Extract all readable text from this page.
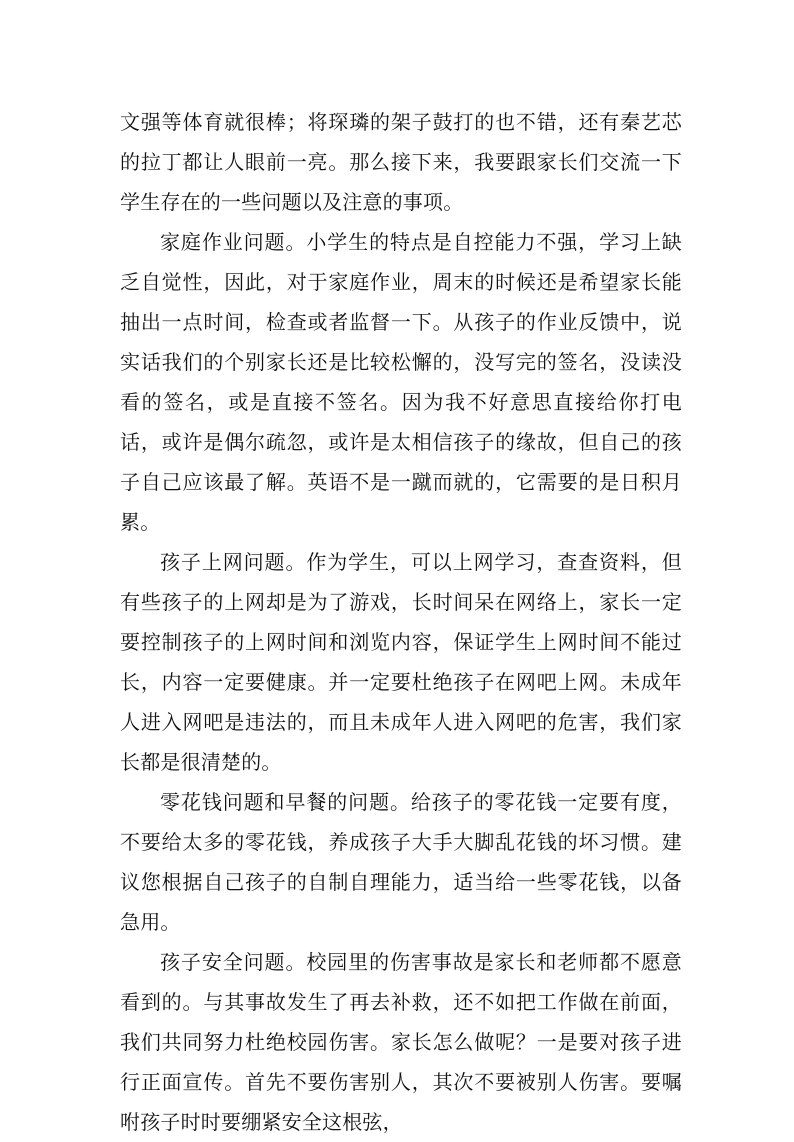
文强等体育就很棒；将琛璘的架子鼓打的也不错，还有秦艺芯的拉丁都让人眼前一亮。那么接下来，我要跟家长们交流一下学生存在的一些问题以及注意的事项。

家庭作业问题。小学生的特点是自控能力不强，学习上缺乏自觉性，因此，对于家庭作业，周末的时候还是希望家长能抽出一点时间，检查或者监督一下。从孩子的作业反馈中，说实话我们的个别家长还是比较松懈的，没写完的签名，没读没看的签名，或是直接不签名。因为我不好意思直接给你打电话，或许是偶尔疏忽，或许是太相信孩子的缘故，但自己的孩子自己应该最了解。英语不是一蹴而就的，它需要的是日积月累。

孩子上网问题。作为学生，可以上网学习，查查资料，但有些孩子的上网却是为了游戏，长时间呆在网络上，家长一定要控制孩子的上网时间和浏览内容，保证学生上网时间不能过长，内容一定要健康。并一定要杜绝孩子在网吧上网。未成年人进入网吧是违法的，而且未成年人进入网吧的危害，我们家长都是很清楚的。

零花钱问题和早餐的问题。给孩子的零花钱一定要有度，不要给太多的零花钱，养成孩子大手大脚乱花钱的坏习惯。建议您根据自己孩子的自制自理能力，适当给一些零花钱，以备急用。

孩子安全问题。校园里的伤害事故是家长和老师都不愿意看到的。与其事故发生了再去补救，还不如把工作做在前面，我们共同努力杜绝校园伤害。家长怎么做呢？一是要对孩子进行正面宣传。首先不要伤害别人，其次不要被别人伤害。要嘱咐孩子时时要绷紧安全这根弦，
